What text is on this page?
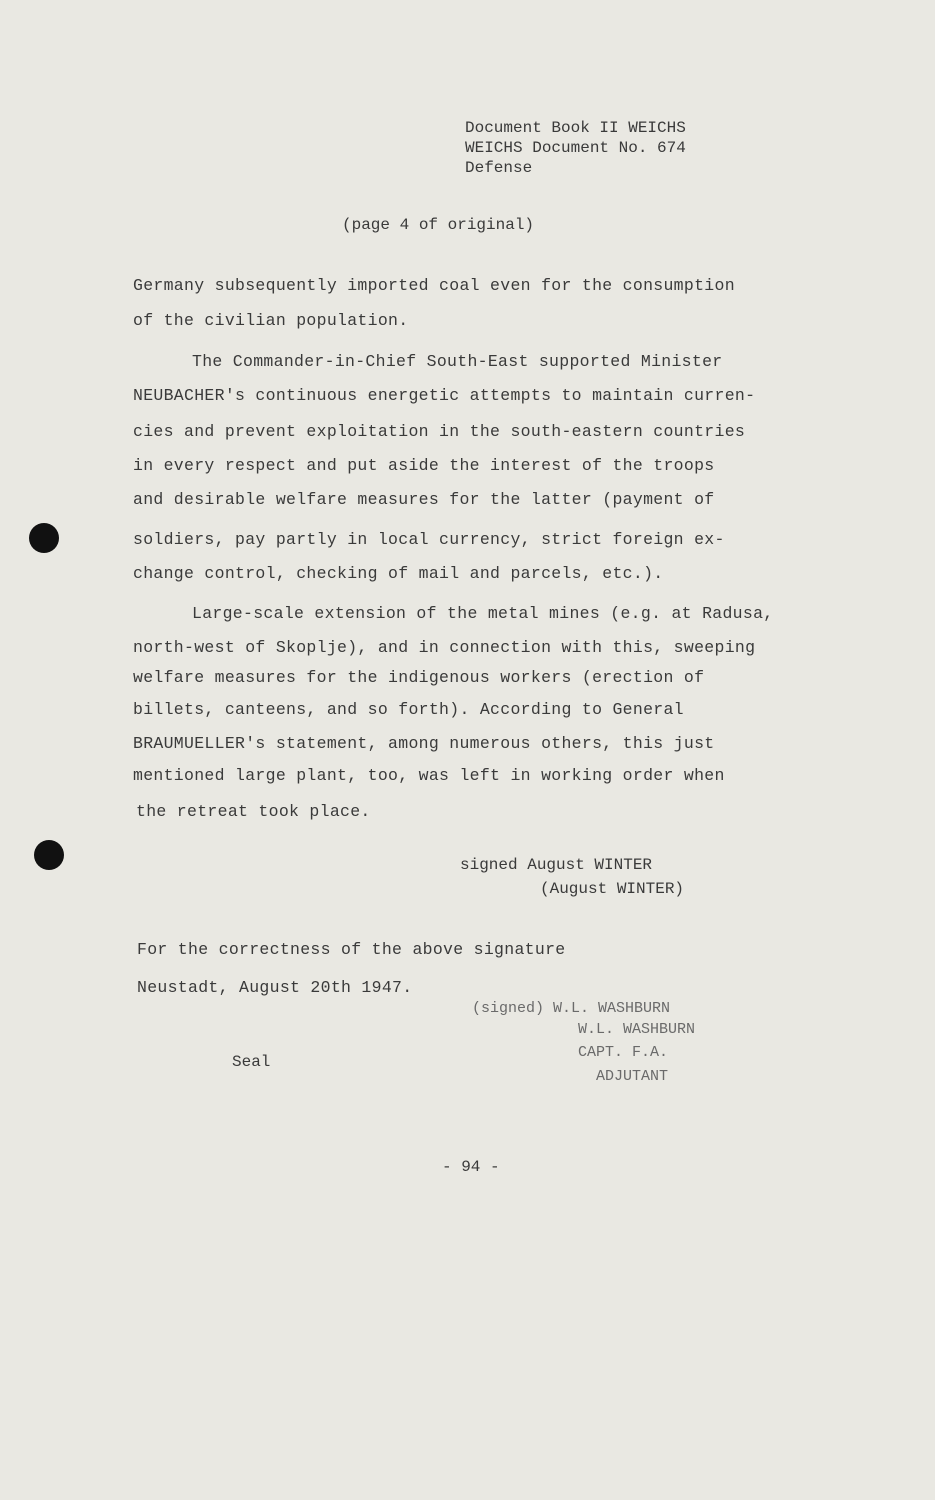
Document Book II WEICHS
WEICHS Document No. 674
Defense
(page 4 of original)
Germany subsequently imported coal even for the consumption
of the civilian population.
The Commander-in-Chief South-East supported Minister
NEUBACHER's continuous energetic attempts to maintain curren-
cies and prevent exploitation in the south-eastern countries
in every respect and put aside the interest of the troops
and desirable welfare measures for the latter (payment of
soldiers, pay partly in local currency, strict foreign ex-
change control, checking of mail and parcels, etc.).
Large-scale extension of the metal mines (e.g. at Radusa,
north-west of Skoplje), and in connection with this, sweeping
welfare measures for the indigenous workers (erection of
billets, canteens, and so forth). According to General
BRAUMUELLER's statement, among numerous others, this just
mentioned large plant, too, was left in working order when
the retreat took place.
signed August WINTER
(August WINTER)
For the correctness of the above signature
Neustadt, August 20th 1947.
(signed) W.L. WASHBURN
W.L. WASHBURN
CAPT. F.A.
ADJUTANT
Seal
- 94 -
